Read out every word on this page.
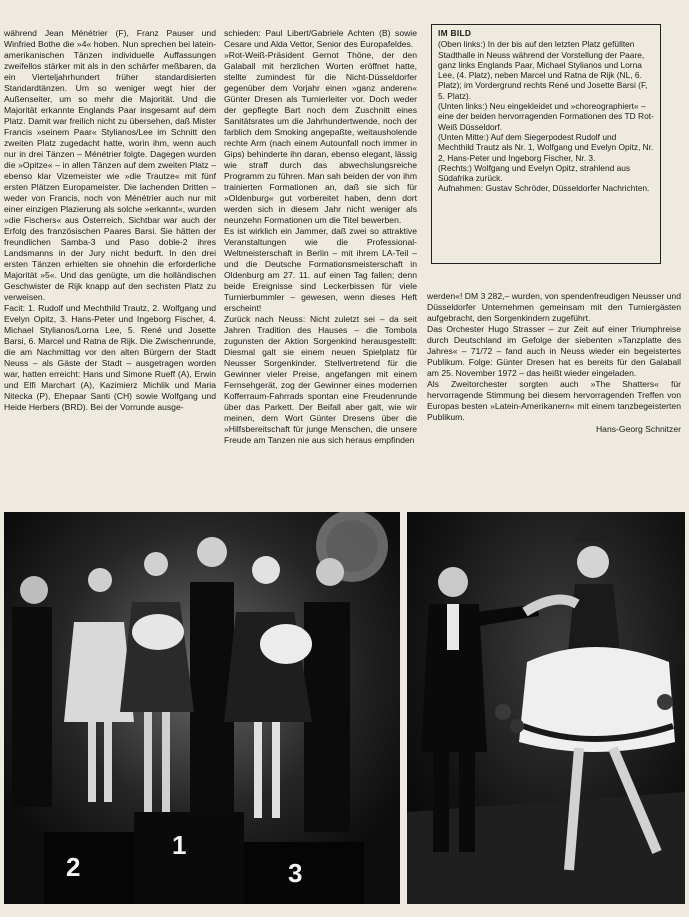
während Jean Ménétrier (F), Franz Pauser und Winfried Bothe die »4« hoben. Nun sprechen bei latein-amerikanischen Tänzen individuelle Auffassungen zweifellos stärker mit als in den schärfer meßbaren, da ein Vierteljahrhundert früher standardisierten Standardtänzen. Um so weniger wegt hier der Außenseiter, um so mehr die Majorität. Und die Majorität erkannte Englands Paar insgesamt auf dem Platz. Damit war freilich nicht zu übersehen, daß Mister Francis »seinem Paar« Stylianos/Lee im Schnitt den zweiten Platz zugedacht hatte, worin ihm, wenn auch nur in drei Tänzen – Ménétrier folgte. Dagegen wurden die »Opitze« – in allen Tänzen auf dem zweiten Platz – ebenso klar Vizemeister wie »die Trautze« mit fünf ersten Plätzen Europameister. Die lachenden Dritten – weder von Francis, noch von Ménétrier auch nur mit einer einzigen Plazierung als solche »erkannt«, wurden »die Fischers« aus Österreich. Sichtbar war auch der Erfolg des französischen Paares Barsi. Sie hätten der freundlichen Samba-3 und Paso doble-2 ihres Landsmanns in der Jury nicht bedurft. In den drei ersten Tänzen erhielten sie ohnehin die erforderliche Majorität »5«. Und das genügte, um die holländischen Geschwister de Rijk knapp auf den sechsten Platz zu verweisen.

Facit: 1. Rudolf und Mechthild Trautz, 2. Wolfgang und Evelyn Opitz, 3. Hans-Peter und Ingeborg Fischer, 4. Michael Stylianos/Lorna Lee, 5. René und Josette Barsi, 6. Marcel und Ratna de Rijk. Die Zwischenrunde, die am Nachmittag vor den alten Bürgern der Stadt Neuss – als Gäste der Stadt – ausgetragen worden war, hatten erreicht: Hans und Simone Rueff (A), Erwin und Elfi Marchart (A), Kazimierz Michlik und Maria Nitecka (P), Ehepaar Santi (CH) sowie Wolfgang und Heide Herbers (BRD). Bei der Vorrunde ausge-

schieden: Paul Libert/Gabriele Achten (B) sowie Cesare und Alda Vettor, Senior des Europafeldes.

»Rot-Weiß-Präsident Gernot Thöne, der den Galaball mit herzlichen Worten eröffnet hatte, stellte zumindest für die Nicht-Düsseldorfer gegenüber dem Vorjahr einen »ganz anderen« Günter Dresen als Turnierleiter vor. Doch weder der gepflegte Bart noch dem Zuschnitt eines Sanitätsrates um die Jahrhundertwende, noch der farblich dem Smoking angepaßte, weitausholende rechte Arm (nach einem Autounfall noch immer in Gips) behinderte ihn daran, ebenso elegant, lässig wie straff durch das abwechslungsreiche Programm zu führen. Man sah beiden der von ihm trainierten Formationen an, daß sie sich für »Oldenburg« gut vorbereitet haben, denn dort werden sich in diesem Jahr nicht weniger als neunzehn Formationen um die Titel bewerben.

Es ist wirklich ein Jammer, daß zwei so attraktive Veranstaltungen wie die Professional-Weltmeisterschaft in Berlin – mit ihrem LA-Teil – und die Deutsche Formationsmeisterschaft in Oldenburg am 27. 11. auf einen Tag fallen; denn beide Ereignisse sind Leckerbissen für viele Turnierbummler – gewesen, wenn dieses Heft erscheint!

Zurück nach Neuss: Nicht zuletzt sei – da seit Jahren Tradition des Hauses – die Tombola zugunsten der Aktion Sorgenkind herausgestellt: Diesmal galt sie einem neuen Spielplatz für Neusser Sorgenkinder. Stellvertretend für die Gewinner vieler Preise, angefangen mit einem Fernsehgerät, zog der Gewinner eines modernen Kofferraum-Fahrrads spontan eine Freudenrunde über das Parkett. Der Beifall aber galt, wie wir meinen, dem Wort Günter Dresens über die »Hilfsbereitschaft für junge Menschen, die unsere Freude am Tanzen nie aus sich heraus empfinden

IM BILD

(Oben links:) In der bis auf den letzten Platz gefüllten Stadthalle in Neuss während der Vorstellung der Paare, ganz links Englands Paar, Michael Stylianos und Lorna Lee, (4. Platz), neben Marcel und Ratna de Rijk (NL, 6. Platz); im Vordergrund rechts René und Josette Barsi (F, 5. Platz).

(Unten links:) Neu eingekleidet und »choreographiert« – eine der beiden hervorragenden Formationen des TD Rot-Weiß Düsseldorf.

(Unten Mitte:) Auf dem Siegerpodest Rudolf und Mechthild Trautz als Nr. 1, Wolfgang und Evelyn Opitz, Nr. 2, Hans-Peter und Ingeborg Fischer, Nr. 3.

(Rechts:) Wolfgang und Evelyn Opitz, strahlend aus Südafrika zurück.

Aufnahmen: Gustav Schröder, Düsseldorfer Nachrichten.

werden«! DM 3 282,– wurden, von spendenfreudigen Neusser und Düsseldorfer Unternehmen gemeinsam mit den Turniergästen aufgebracht, den Sorgenkindern zugeführt.

Das Orchester Hugo Strasser – zur Zeit auf einer Triumphreise durch Deutschland im Gefolge der siebenten »Tanzplatte des Jahres« – 71/72 – fand auch in Neuss wieder ein begeistertes Publikum. Folge: Günter Dresen hat es bereits für den Galaball am 25. November 1972 – das heißt wieder eingeladen.

Als Zweitorchester sorgten auch »The Shatters« für hervorragende Stimmung bei diesem hervorragenden Treffen von Europas besten »Latein-Amerikanern« mit einem tanzbegeisterten Publikum.

Hans-Georg Schnitzer
2
1
3
